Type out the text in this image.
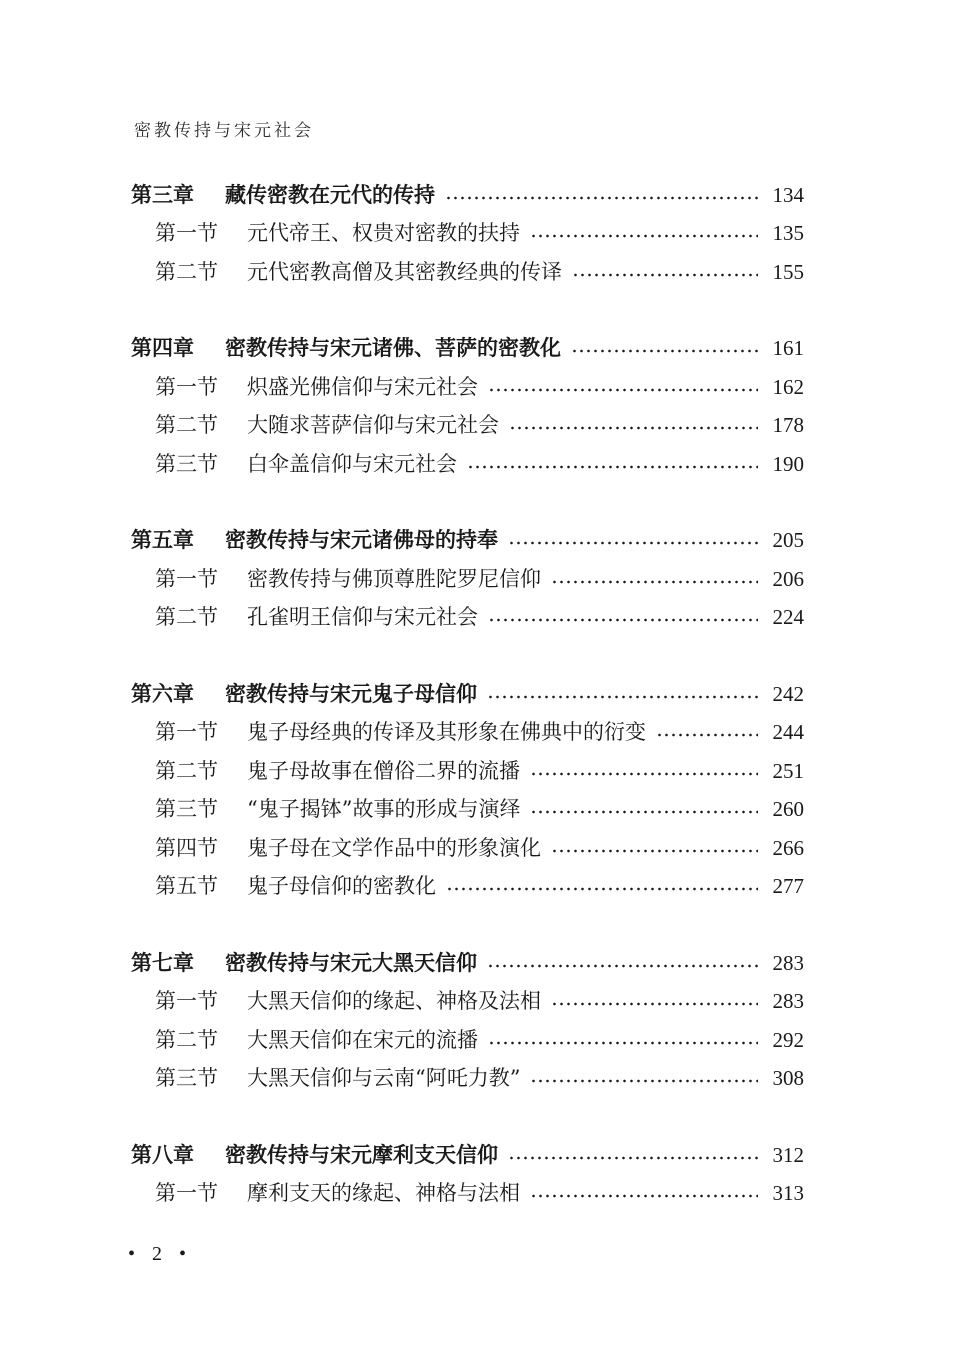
密教传持与宋元社会
第三章	藏传密教在元代的传持	134
第一节	元代帝王、权贵对密教的扶持	135
第二节	元代密教高僧及其密教经典的传译	155
第四章	密教传持与宋元诸佛、菩萨的密教化	161
第一节	炽盛光佛信仰与宋元社会	162
第二节	大随求菩萨信仰与宋元社会	178
第三节	白伞盖信仰与宋元社会	190
第五章	密教传持与宋元诸佛母的持奉	205
第一节	密教传持与佛顶尊胜陀罗尼信仰	206
第二节	孔雀明王信仰与宋元社会	224
第六章	密教传持与宋元鬼子母信仰	242
第一节	鬼子母经典的传译及其形象在佛典中的衍变	244
第二节	鬼子母故事在僧俗二界的流播	251
第三节	“鬼子揭钵”故事的形成与演绎	260
第四节	鬼子母在文学作品中的形象演化	266
第五节	鬼子母信仰的密教化	277
第七章	密教传持与宋元大黑天信仰	283
第一节	大黑天信仰的缘起、神格及法相	283
第二节	大黑天信仰在宋元的流播	292
第三节	大黑天信仰与云南“阿吒力教”	308
第八章	密教传持与宋元摩利支天信仰	312
第一节	摩利支天的缘起、神格与法相	313
• 2 •
